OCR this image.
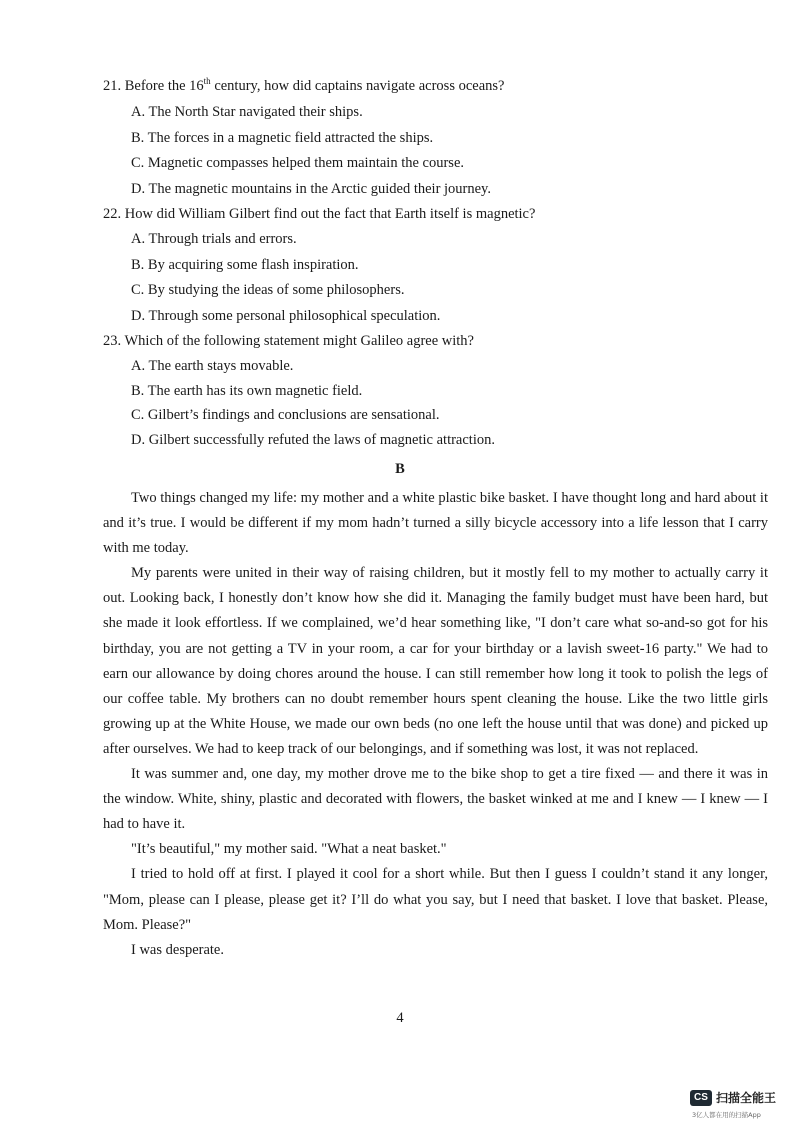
21. Before the 16th century, how did captains navigate across oceans?
A. The North Star navigated their ships.
B. The forces in a magnetic field attracted the ships.
C. Magnetic compasses helped them maintain the course.
D. The magnetic mountains in the Arctic guided their journey.
22. How did William Gilbert find out the fact that Earth itself is magnetic?
A. Through trials and errors.
B. By acquiring some flash inspiration.
C. By studying the ideas of some philosophers.
D. Through some personal philosophical speculation.
23. Which of the following statement might Galileo agree with?
A. The earth stays movable.
B. The earth has its own magnetic field.
C. Gilbert’s findings and conclusions are sensational.
D. Gilbert successfully refuted the laws of magnetic attraction.
B

Two things changed my life: my mother and a white plastic bike basket. I have thought long and hard about it and it’s true. I would be different if my mom hadn’t turned a silly bicycle accessory into a life lesson that I carry with me today.

My parents were united in their way of raising children, but it mostly fell to my mother to actually carry it out. Looking back, I honestly don’t know how she did it. Managing the family budget must have been hard, but she made it look effortless. If we complained, we’d hear something like, "I don’t care what so-and-so got for his birthday, you are not getting a TV in your room, a car for your birthday or a lavish sweet-16 party." We had to earn our allowance by doing chores around the house. I can still remember how long it took to polish the legs of our coffee table. My brothers can no doubt remember hours spent cleaning the house. Like the two little girls growing up at the White House, we made our own beds (no one left the house until that was done) and picked up after ourselves. We had to keep track of our belongings, and if something was lost, it was not replaced.

It was summer and, one day, my mother drove me to the bike shop to get a tire fixed — and there it was in the window. White, shiny, plastic and decorated with flowers, the basket winked at me and I knew — I knew — I had to have it.

"It’s beautiful," my mother said. "What a neat basket."

I tried to hold off at first. I played it cool for a short while. But then I guess I couldn’t stand it any longer, "Mom, please can I please, please get it? I’ll do what you say, but I need that basket. I love that basket. Please, Mom. Please?"

I was desperate.

4
CS 扫描全能王
3亿人都在用的扫描App
